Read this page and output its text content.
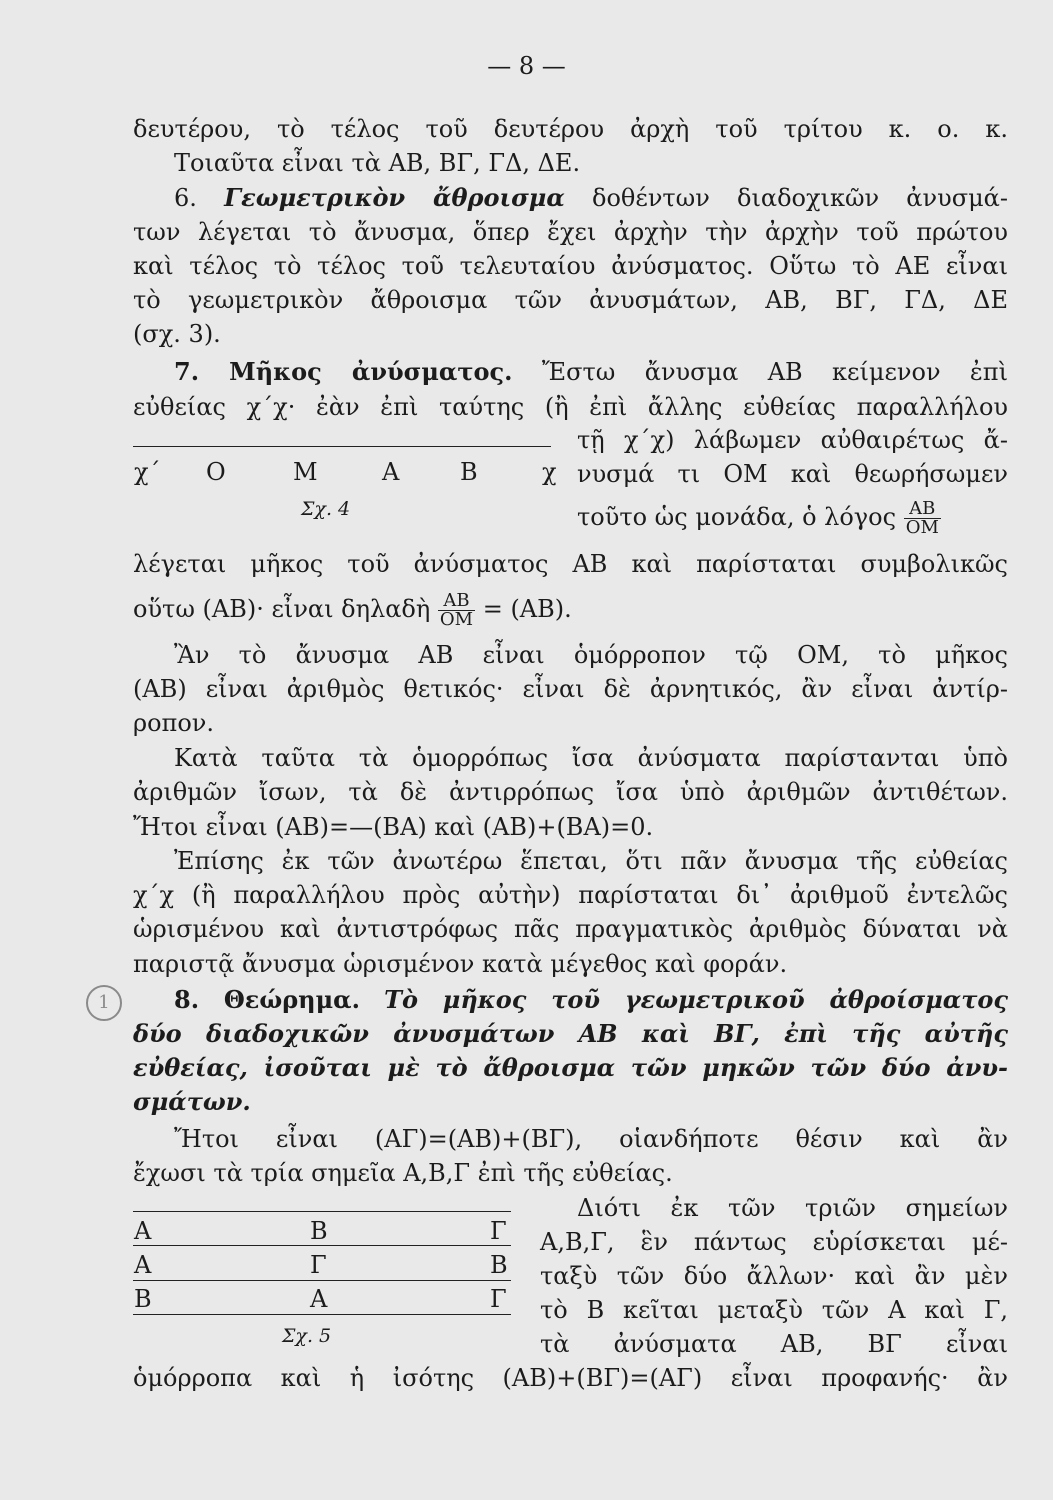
— 8 —
δευτέρου, τὸ τέλος τοῦ δευτέρου ἀρχὴ τοῦ τρίτου κ. ο. κ.
Τοιαῦτα εἶναι τὰ ΑΒ, ΒΓ, ΓΔ, ΔΕ.
6. Γεωμετρικὸν ἄθροισμα δοθέντων διαδοχικῶν ἀνυσμά-
των λέγεται τὸ ἄνυσμα, ὅπερ ἔχει ἀρχὴν τὴν ἀρχὴν τοῦ πρώτου
καὶ τέλος τὸ τέλος τοῦ τελευταίου ἀνύσματος. Οὕτω τὸ ΑΕ εἶναι
τὸ γεωμετρικὸν ἄθροισμα τῶν ἀνυσμάτων, ΑΒ, ΒΓ, ΓΔ, ΔΕ
(σχ. 3).
7. Μῆκος ἀνύσματος. Ἔστω ἄνυσμα ΑΒ κείμενον ἐπὶ
εὐθείας χ΄χ· ἐὰν ἐπὶ ταύτης (ἢ ἐπὶ ἄλλης εὐθείας παραλλήλου
χ΄ Ο	Μ	Α	Β	χ
Σχ. 4
τῇ χ΄χ) λάβωμεν αὐθαιρέτως ἄ-
νυσμά τι ΟΜ καὶ θεωρήσωμεν
τοῦτο ὡς μονάδα, ὁ λόγος $\frac{AB}{OM}$
λέγεται μῆκος τοῦ ἀνύσματος ΑΒ καὶ παρίσταται συμβολικῶς
οὕτω (ΑΒ)· εἶναι δηλαδὴ $\frac{AB}{OM} = (AB)$.
Ἂν τὸ ἄνυσμα ΑΒ εἶναι ὁμόρροπον τῷ ΟΜ, τὸ μῆκος
(ΑΒ) εἶναι ἀριθμὸς θετικός· εἶναι δὲ ἀρνητικός, ἂν εἶναι ἀντίρ-
ροπον.
Κατὰ ταῦτα τὰ ὁμορρόπως ἴσα ἀνύσματα παρίστανται ὑπὸ
ἀριθμῶν ἴσων, τὰ δὲ ἀντιρρόπως ἴσα ὑπὸ ἀριθμῶν ἀντιθέτων.
Ἤτοι εἶναι (ΑΒ)=—(ΒΑ) καὶ (ΑΒ)+(ΒΑ)=0.
Ἐπίσης ἐκ τῶν ἀνωτέρω ἕπεται, ὅτι πᾶν ἄνυσμα τῆς εὐθείας
χ΄χ (ἢ παραλλήλου πρὸς αὐτὴν) παρίσταται δι᾽ ἀριθμοῦ ἐντελῶς
ὡρισμένου καὶ ἀντιστρόφως πᾶς πραγματικὸς ἀριθμὸς δύναται νὰ
παριστᾷ ἄνυσμα ὡρισμένον κατὰ μέγεθος καὶ φοράν.
1	8. Θεώρημα. Τὸ μῆκος τοῦ γεωμετρικοῦ ἀθροίσματος
δύο διαδοχικῶν ἀνυσμάτων ΑΒ καὶ ΒΓ, ἐπὶ τῆς αὐτῆς
εὐθείας, ἰσοῦται μὲ τὸ ἄθροισμα τῶν μηκῶν τῶν δύο ἀνυ-
σμάτων.
Ἤτοι εἶναι (ΑΓ)=(ΑΒ)+(ΒΓ), οἱανδήποτε θέσιν καὶ ἂν
ἔχωσι τὰ τρία σημεῖα Α,Β,Γ ἐπὶ τῆς εὐθείας.
Α	Β	Γ
Α	Γ	Β
Β	Α	Γ
Σχ. 5
Διότι ἐκ τῶν τριῶν σημείων
Α,Β,Γ, ἓν πάντως εὑρίσκεται μέ-
ταξὺ τῶν δύο ἄλλων· καὶ ἂν μὲν
τὸ Β κεῖται μεταξὺ τῶν Α καὶ Γ,
τὰ ἀνύσματα ΑΒ, ΒΓ εἶναι
ὁμόρροπα καὶ ἡ ἰσότης (ΑΒ)+(ΒΓ)=(ΑΓ) εἶναι προφανής· ἂν
